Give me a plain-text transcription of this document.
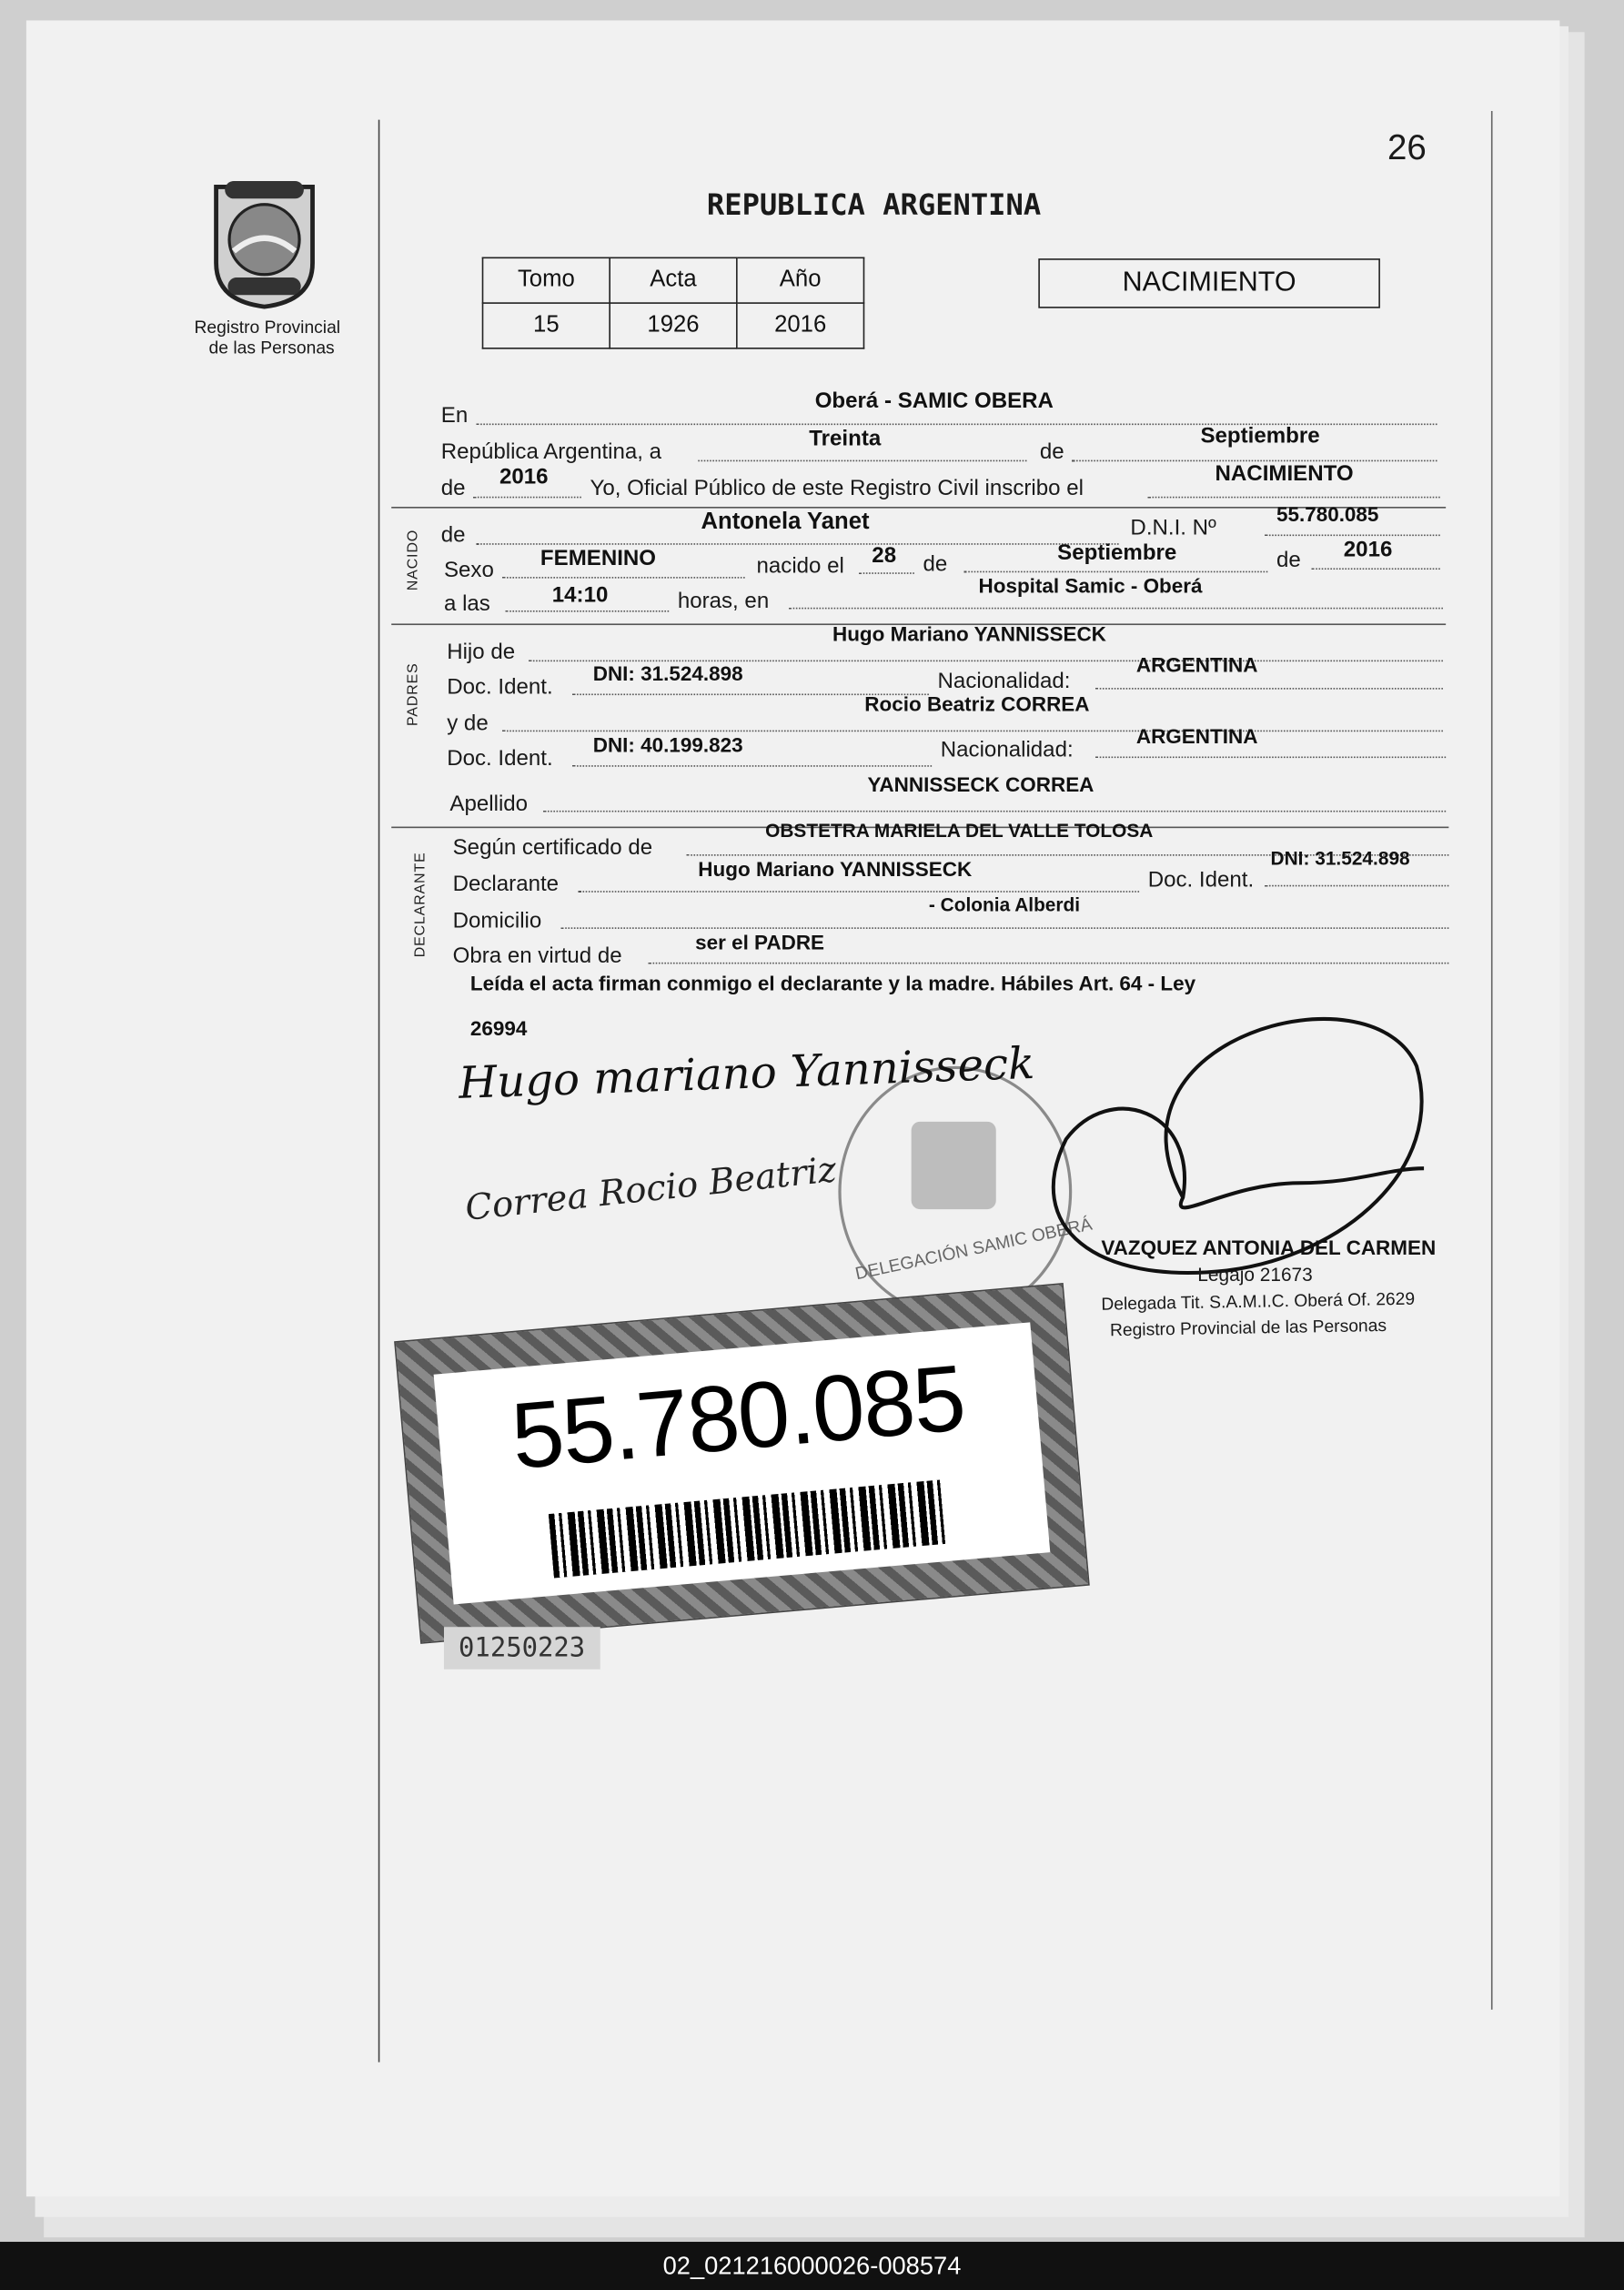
26
Registro Provincial
de las Personas
REPUBLICA ARGENTINA
Tomo	Acta	Año
15	1926	2016
NACIMIENTO
En
Oberá - SAMIC OBERA
República Argentina, a
Treinta
de
Septiembre
de 2016	Yo, Oficial Público de este Registro Civil inscribo el
NACIMIENTO
NACIDO de
Antonela Yanet	D.N.I. Nº
55.780.085
Sexo	FEMENINO	nacido el 28 de	Septiembre	de	2016
a las	14:10	horas, en
Hospital Samic - Oberá
PADRES
Hijo de
Hugo Mariano YANNISSECK
Doc. Ident.
DNI: 31.524.898	Nacionalidad:
ARGENTINA
y de
Rocio Beatriz CORREA
Doc. Ident.
DNI: 40.199.823	Nacionalidad:
ARGENTINA
Apellido
YANNISSECK CORREA
DECLARANTE
Según certificado de
OBSTETRA MARIELA DEL VALLE TOLOSA
Declarante
Hugo Mariano YANNISSECK	Doc. Ident.
DNI: 31.524.898
Domicilio
- Colonia Alberdi
Obra en virtud de
ser el PADRE
Leída el acta firman conmigo el declarante y la madre. Hábiles Art. 64 - Ley
26994
DELEGACIÓN SAMIC OBERÁ
Hugo mariano Yannisseck
Correa Rocio Beatriz
VAZQUEZ ANTONIA DEL CARMEN
Legajo 21673
Delegada Tit. S.A.M.I.C. Oberá Of. 2629
Registro Provincial de las Personas
55.780.085
01250223
02_021216000026-008574
